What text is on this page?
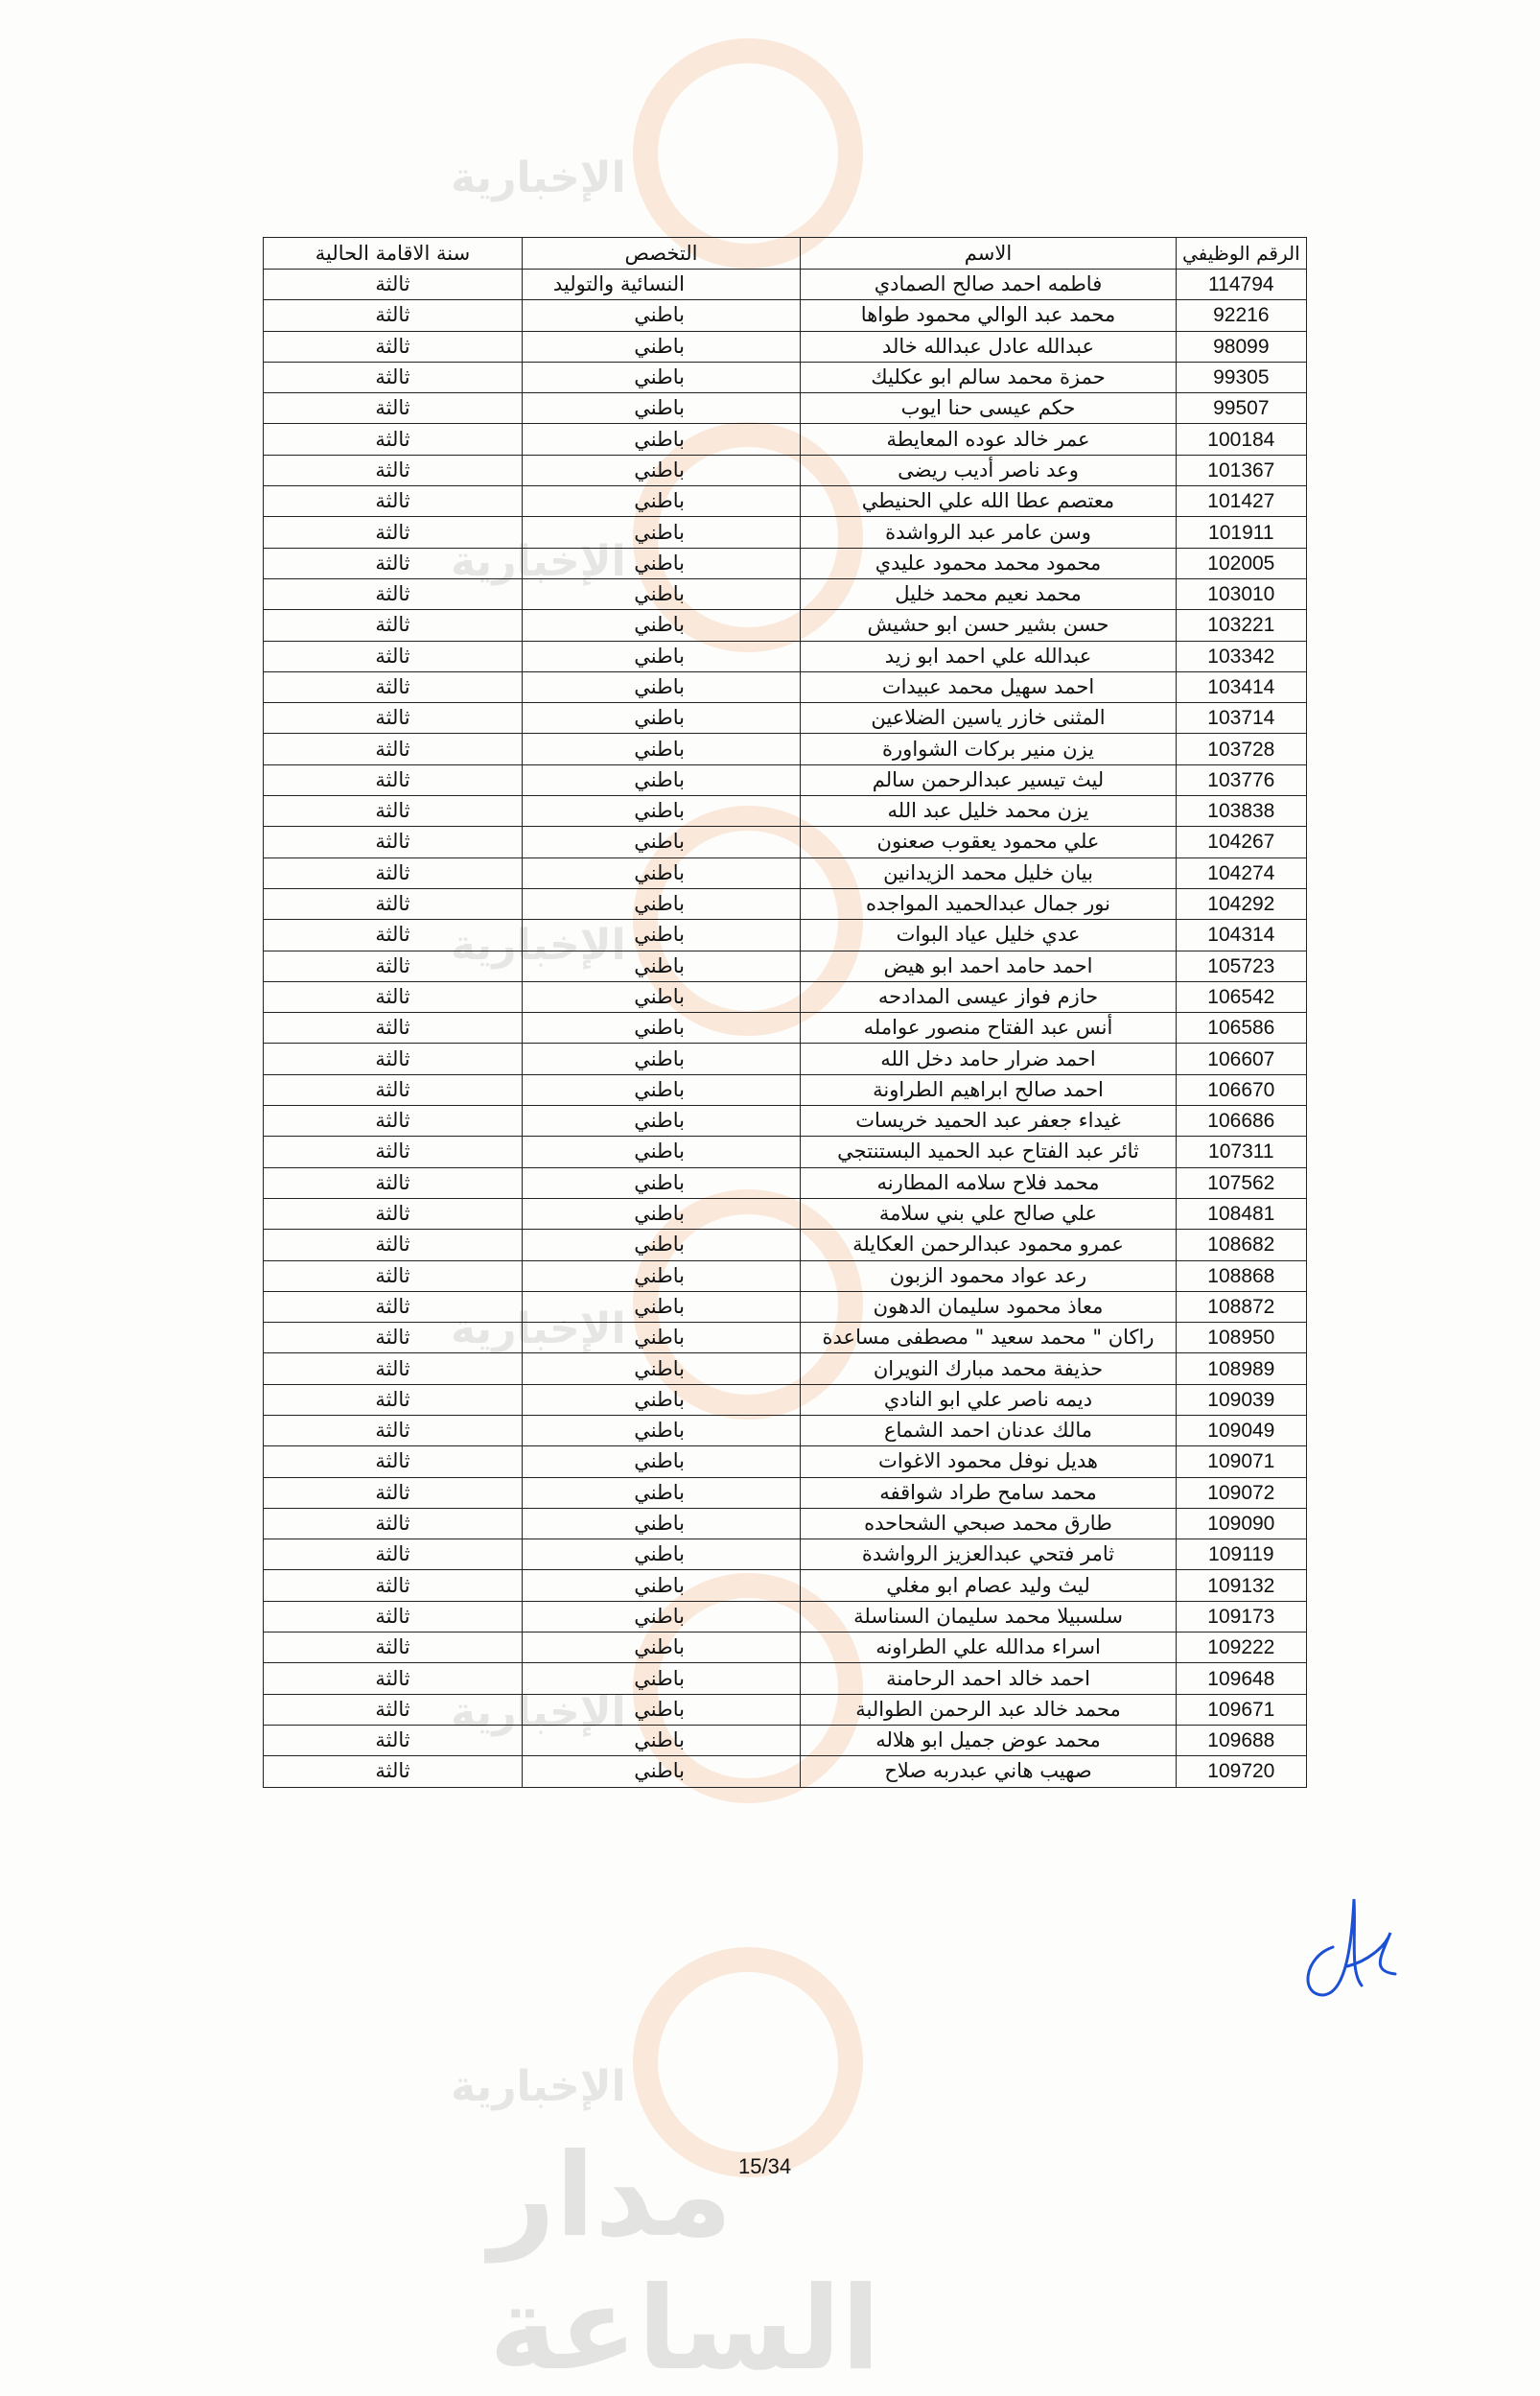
الإخبارية
الإخبارية
الإخبارية
الإخبارية
الإخبارية
الإخبارية
مدار الساعة
الرقم الوظيفي	الاسم	التخصص	سنة الاقامة الحالية
114794	فاطمه احمد صالح الصمادي	النسائية والتوليد	ثالثة
92216	محمد عبد الوالي محمود طواها	باطني	ثالثة
98099	عبدالله عادل عبدالله خالد	باطني	ثالثة
99305	حمزة محمد سالم ابو عكليك	باطني	ثالثة
99507	حكم عيسى حنا ايوب	باطني	ثالثة
100184	عمر خالد عوده المعايطة	باطني	ثالثة
101367	وعد ناصر أديب ريضى	باطني	ثالثة
101427	معتصم عطا الله علي الحنيطي	باطني	ثالثة
101911	وسن عامر عبد الرواشدة	باطني	ثالثة
102005	محمود محمد محمود عليدي	باطني	ثالثة
103010	محمد نعيم محمد خليل	باطني	ثالثة
103221	حسن بشير حسن ابو حشيش	باطني	ثالثة
103342	عبدالله علي احمد ابو زيد	باطني	ثالثة
103414	احمد سهيل محمد عبيدات	باطني	ثالثة
103714	المثنى خازر ياسين الضلاعين	باطني	ثالثة
103728	يزن منير بركات الشواورة	باطني	ثالثة
103776	ليث تيسير عبدالرحمن سالم	باطني	ثالثة
103838	يزن محمد خليل عبد الله	باطني	ثالثة
104267	علي محمود يعقوب صعنون	باطني	ثالثة
104274	بيان خليل محمد الزيدانين	باطني	ثالثة
104292	نور جمال عبدالحميد المواجده	باطني	ثالثة
104314	عدي خليل عياد البوات	باطني	ثالثة
105723	احمد حامد احمد ابو هيض	باطني	ثالثة
106542	حازم فواز عيسى المدادحه	باطني	ثالثة
106586	أنس عبد الفتاح منصور عوامله	باطني	ثالثة
106607	احمد ضرار حامد دخل الله	باطني	ثالثة
106670	احمد صالح ابراهيم الطراونة	باطني	ثالثة
106686	غيداء جعفر عبد الحميد خريسات	باطني	ثالثة
107311	ثائر عبد الفتاح عبد الحميد البستنتجي	باطني	ثالثة
107562	محمد فلاح سلامه المطارنه	باطني	ثالثة
108481	علي صالح علي بني سلامة	باطني	ثالثة
108682	عمرو محمود عبدالرحمن العكايلة	باطني	ثالثة
108868	رعد عواد محمود الزبون	باطني	ثالثة
108872	معاذ محمود سليمان الدهون	باطني	ثالثة
108950	راكان " محمد سعيد " مصطفى مساعدة	باطني	ثالثة
108989	حذيفة محمد مبارك النويران	باطني	ثالثة
109039	ديمه ناصر علي ابو النادي	باطني	ثالثة
109049	مالك عدنان احمد الشماع	باطني	ثالثة
109071	هديل نوفل محمود الاغوات	باطني	ثالثة
109072	محمد سامح طراد شواقفه	باطني	ثالثة
109090	طارق محمد صبحي الشحاحده	باطني	ثالثة
109119	ثامر فتحي عبدالعزيز الرواشدة	باطني	ثالثة
109132	ليث وليد عصام ابو مغلي	باطني	ثالثة
109173	سلسبيلا محمد سليمان السناسلة	باطني	ثالثة
109222	اسراء مدالله علي الطراونه	باطني	ثالثة
109648	احمد خالد احمد الرحامنة	باطني	ثالثة
109671	محمد خالد عبد الرحمن الطوالبة	باطني	ثالثة
109688	محمد عوض جميل ابو هلاله	باطني	ثالثة
109720	صهيب هاني عبدربه صلاح	باطني	ثالثة
15/34
